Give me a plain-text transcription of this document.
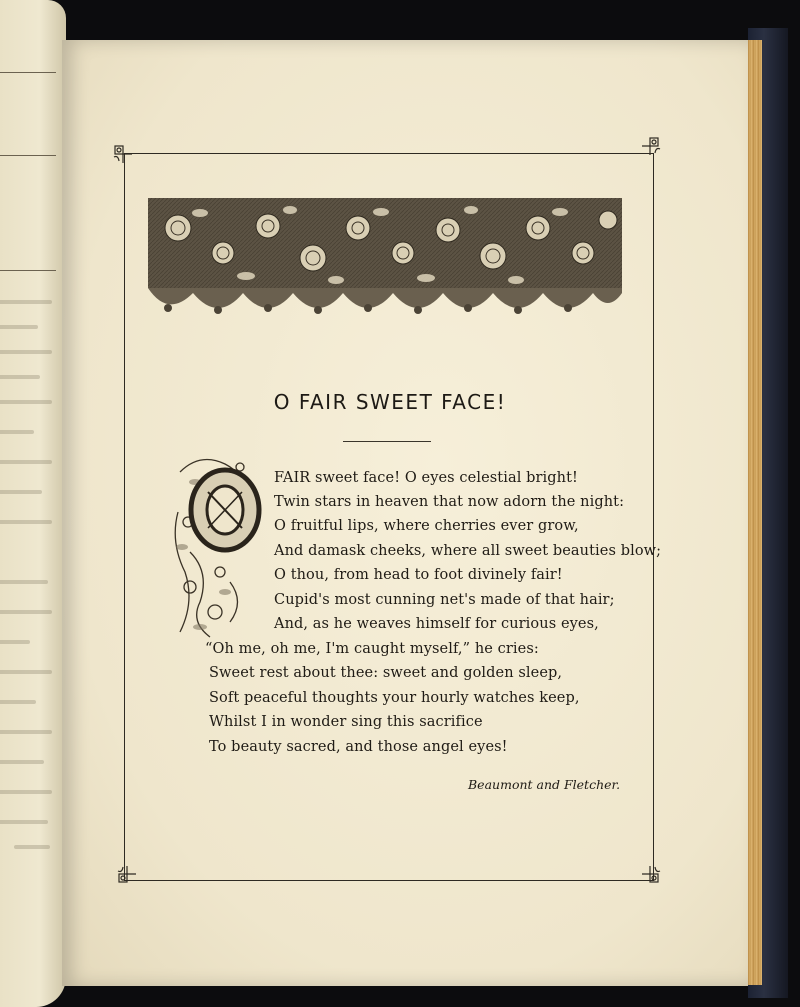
O FAIR SWEET FACE!
FAIR sweet face! O eyes celestial bright!
Twin stars in heaven that now adorn the night:
O fruitful lips, where cherries ever grow,
And damask cheeks, where all sweet beauties blow;
O thou, from head to foot divinely fair!
Cupid's most cunning net's made of that hair;
And, as he weaves himself for curious eyes,
“Oh me, oh me, I'm caught myself,” he cries:
Sweet rest about thee: sweet and golden sleep,
Soft peaceful thoughts your hourly watches keep,
Whilst I in wonder sing this sacrifice
To beauty sacred, and those angel eyes!
Beaumont and Fletcher.
